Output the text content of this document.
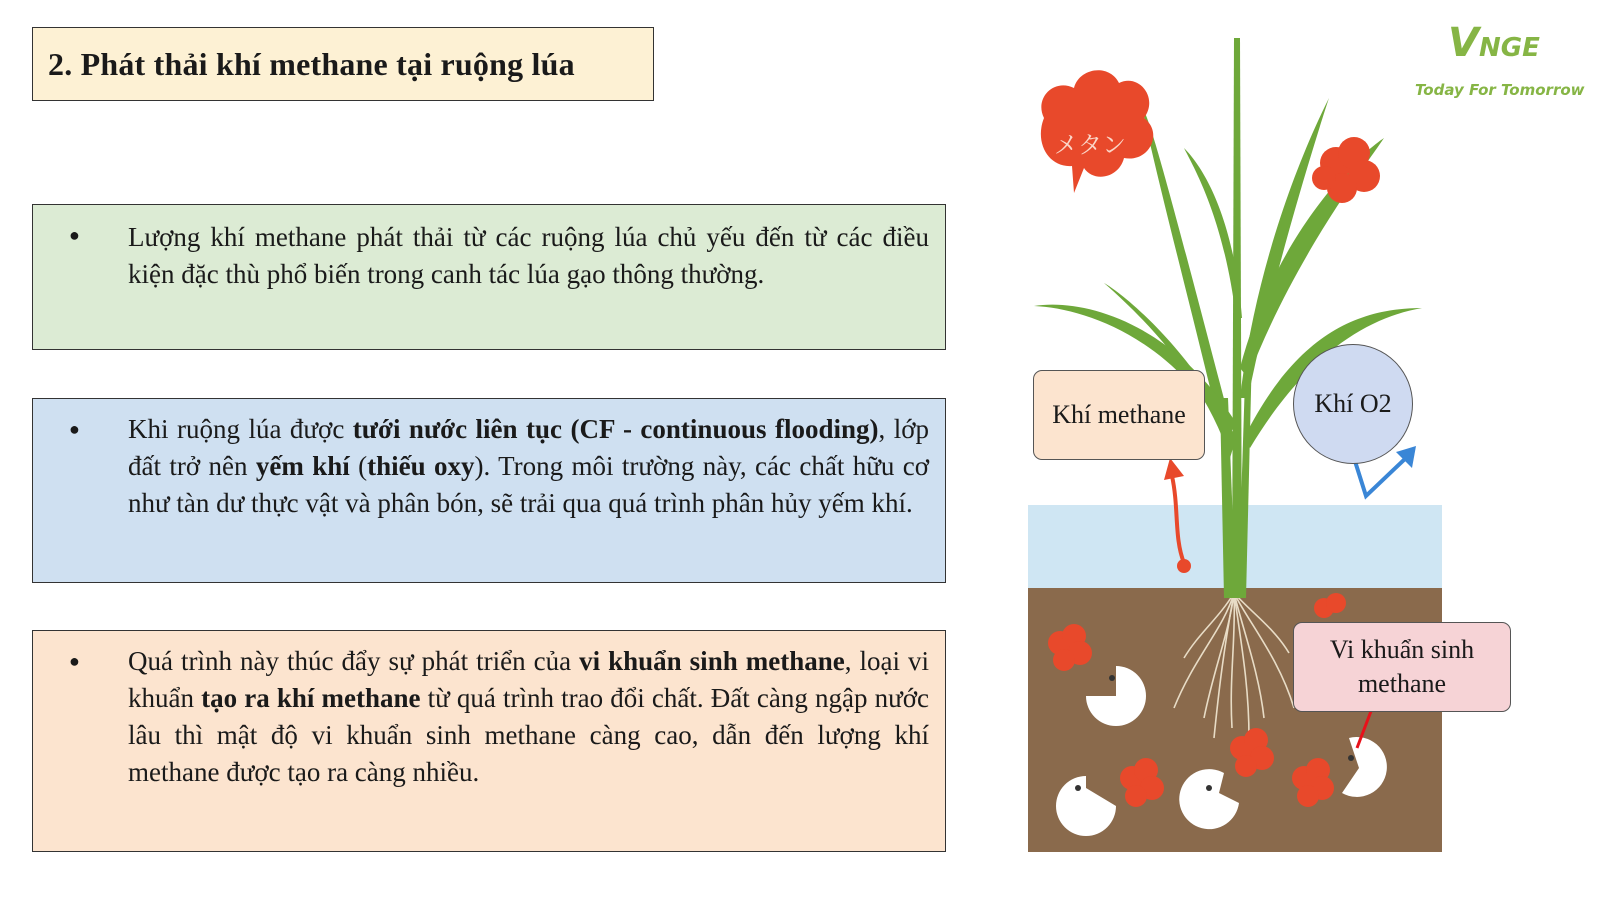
2. Phát thải khí methane tại ruộng lúa
● Lượng khí methane phát thải từ các ruộng lúa chủ yếu đến từ các điều kiện đặc thù phổ biến trong canh tác lúa gạo thông thường.
● Khi ruộng lúa được tưới nước liên tục (CF - continuous flooding), lớp đất trở nên yếm khí (thiếu oxy). Trong môi trường này, các chất hữu cơ như tàn dư thực vật và phân bón, sẽ trải qua quá trình phân hủy yếm khí.
● Quá trình này thúc đẩy sự phát triển của vi khuẩn sinh methane, loại vi khuẩn tạo ra khí methane từ quá trình trao đổi chất. Đất càng ngập nước lâu thì mật độ vi khuẩn sinh methane càng cao, dẫn đến lượng khí methane được tạo ra càng nhiều.
メタン
Khí methane	Khí O2
Vi khuẩn sinh methane
VNGE
Today For Tomorrow
